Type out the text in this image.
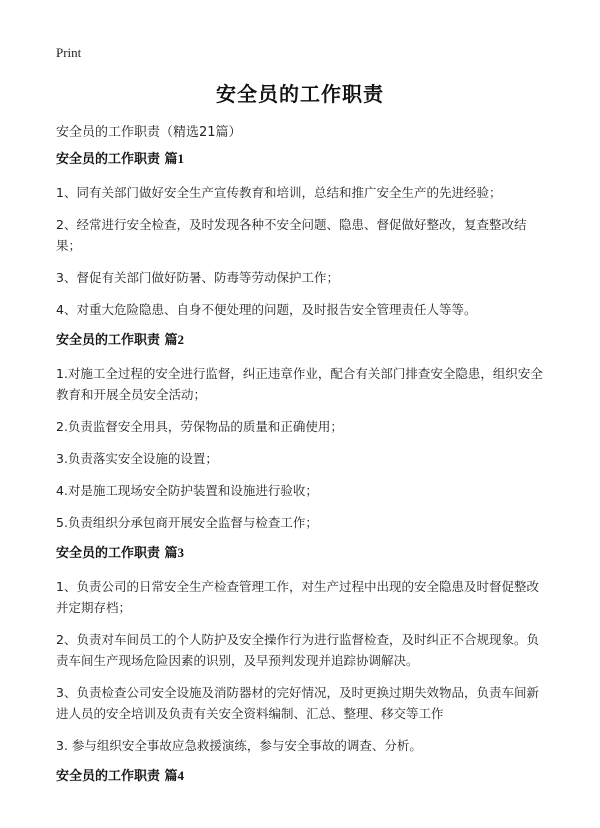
Print
安全员的工作职责
安全员的工作职责（精选21篇）
安全员的工作职责 篇1

1、同有关部门做好安全生产宣传教育和培训，总结和推广安全生产的先进经验；

2、经常进行安全检查，及时发现各种不安全问题、隐患、督促做好整改，复查整改结果；

3、督促有关部门做好防暑、防毒等劳动保护工作；

4、对重大危险隐患、自身不便处理的问题，及时报告安全管理责任人等等。

安全员的工作职责 篇2

1.对施工全过程的安全进行监督，纠正违章作业，配合有关部门排查安全隐患，组织安全教育和开展全员安全活动；

2.负责监督安全用具，劳保物品的质量和正确使用；

3.负责落实安全设施的设置；

4.对是施工现场安全防护装置和设施进行验收；

5.负责组织分承包商开展安全监督与检查工作；

安全员的工作职责 篇3

1、负责公司的日常安全生产检查管理工作，对生产过程中出现的安全隐患及时督促整改并定期存档；

2、负责对车间员工的个人防护及安全操作行为进行监督检查，及时纠正不合规现象。负责车间生产现场危险因素的识别，及早预判发现并追踪协调解决。

3、负责检查公司安全设施及消防器材的完好情况，及时更换过期失效物品，负责车间新进人员的安全培训及负责有关安全资料编制、汇总、整理、移交等工作

3. 参与组织安全事故应急救援演练，参与安全事故的调查、分析。

安全员的工作职责 篇4
